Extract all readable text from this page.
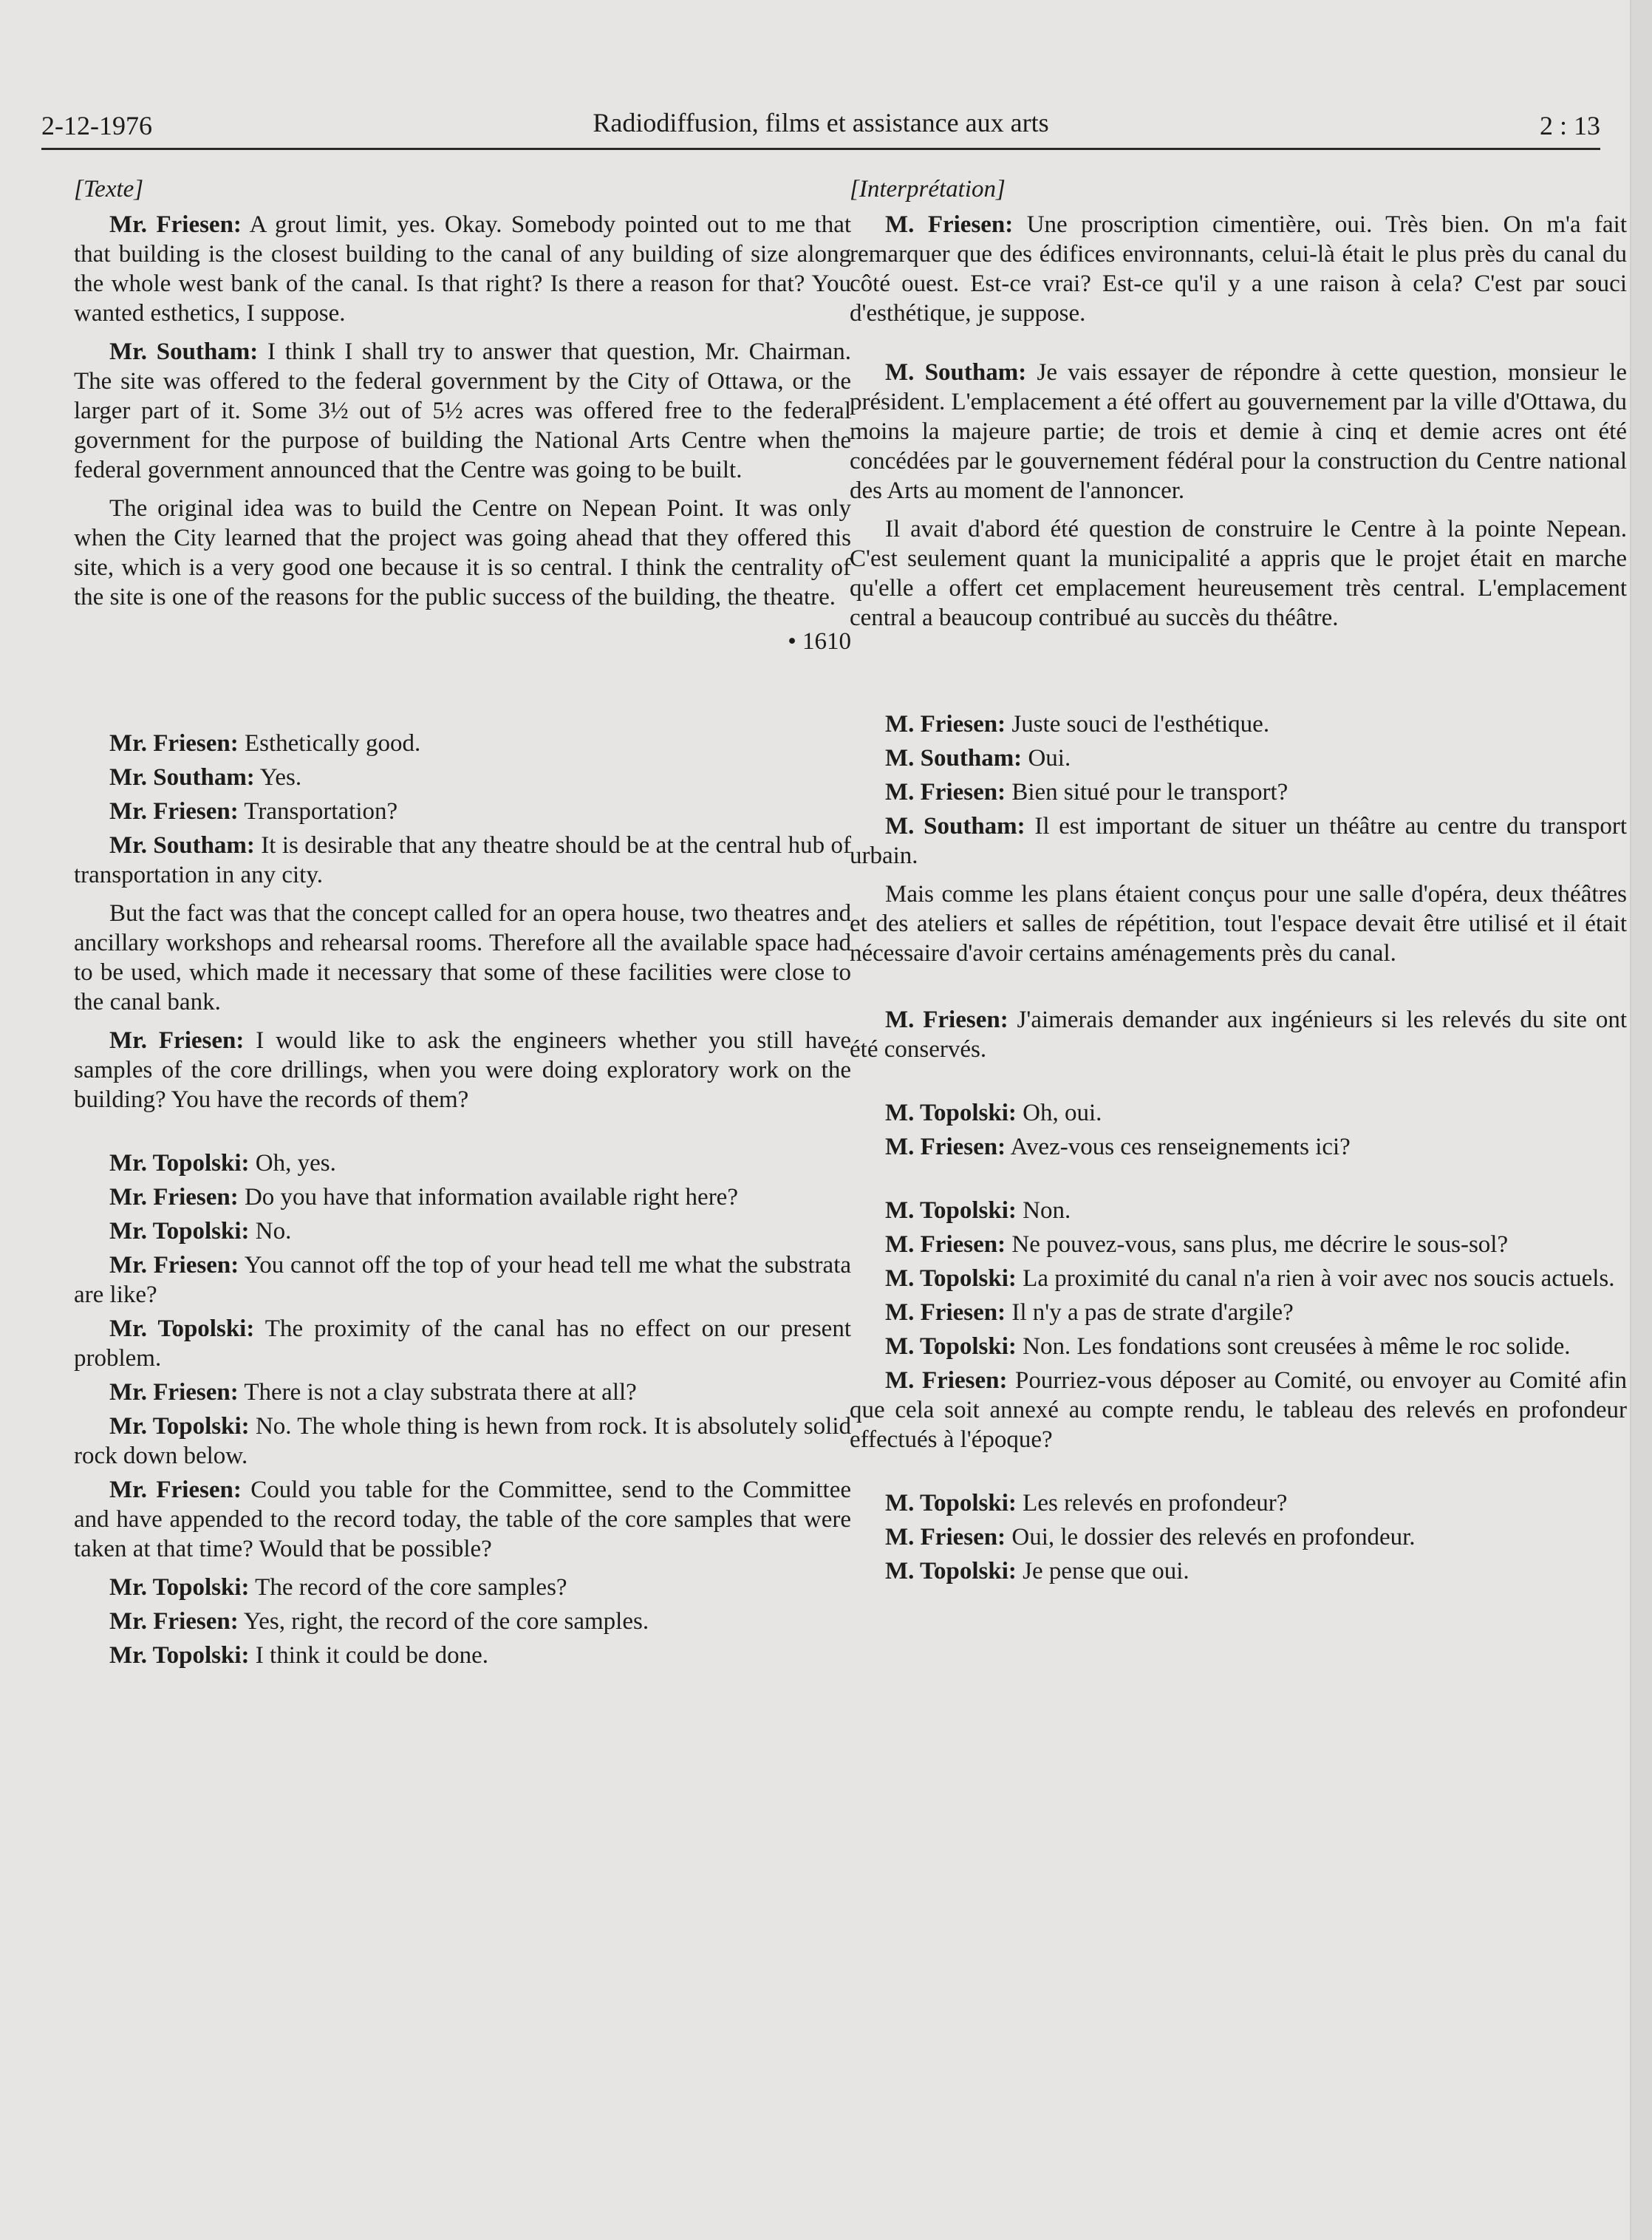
2-12-1976	Radiodiffusion, films et assistance aux arts	2 : 13

[Texte]

Mr. Friesen: A grout limit, yes. Okay. Somebody pointed out to me that that building is the closest building to the canal of any building of size along the whole west bank of the canal. Is that right? Is there a reason for that? You wanted esthetics, I suppose.

Mr. Southam: I think I shall try to answer that question, Mr. Chairman. The site was offered to the federal government by the City of Ottawa, or the larger part of it. Some 3½ out of 5½ acres was offered free to the federal government for the purpose of building the National Arts Centre when the federal government announced that the Centre was going to be built.

The original idea was to build the Centre on Nepean Point. It was only when the City learned that the project was going ahead that they offered this site, which is a very good one because it is so central. I think the centrality of the site is one of the reasons for the public success of the building, the theatre.

• 1610

Mr. Friesen: Esthetically good.

Mr. Southam: Yes.

Mr. Friesen: Transportation?

Mr. Southam: It is desirable that any theatre should be at the central hub of transportation in any city.

But the fact was that the concept called for an opera house, two theatres and ancillary workshops and rehearsal rooms. Therefore all the available space had to be used, which made it necessary that some of these facilities were close to the canal bank.

Mr. Friesen: I would like to ask the engineers whether you still have samples of the core drillings, when you were doing exploratory work on the building? You have the records of them?

Mr. Topolski: Oh, yes.

Mr. Friesen: Do you have that information available right here?

Mr. Topolski: No.

Mr. Friesen: You cannot off the top of your head tell me what the substrata are like?

Mr. Topolski: The proximity of the canal has no effect on our present problem.

Mr. Friesen: There is not a clay substrata there at all?

Mr. Topolski: No. The whole thing is hewn from rock. It is absolutely solid rock down below.

Mr. Friesen: Could you table for the Committee, send to the Committee and have appended to the record today, the table of the core samples that were taken at that time? Would that be possible?

Mr. Topolski: The record of the core samples?

Mr. Friesen: Yes, right, the record of the core samples.

Mr. Topolski: I think it could be done.

[Interprétation]

M. Friesen: Une proscription cimentière, oui. Très bien. On m'a fait remarquer que des édifices environnants, celui-là était le plus près du canal du côté ouest. Est-ce vrai? Est-ce qu'il y a une raison à cela? C'est par souci d'esthétique, je suppose.

M. Southam: Je vais essayer de répondre à cette question, monsieur le président. L'emplacement a été offert au gouvernement par la ville d'Ottawa, du moins la majeure partie; de trois et demie à cinq et demie acres ont été concédées par le gouvernement fédéral pour la construction du Centre national des Arts au moment de l'annoncer.

Il avait d'abord été question de construire le Centre à la pointe Nepean. C'est seulement quant la municipalité a appris que le projet était en marche qu'elle a offert cet emplacement heureusement très central. L'emplacement central a beaucoup contribué au succès du théâtre.

M. Friesen: Juste souci de l'esthétique.

M. Southam: Oui.

M. Friesen: Bien situé pour le transport?

M. Southam: Il est important de situer un théâtre au centre du transport urbain.

Mais comme les plans étaient conçus pour une salle d'opéra, deux théâtres et des ateliers et salles de répétition, tout l'espace devait être utilisé et il était nécessaire d'avoir certains aménagements près du canal.

M. Friesen: J'aimerais demander aux ingénieurs si les relevés du site ont été conservés.

M. Topolski: Oh, oui.

M. Friesen: Avez-vous ces renseignements ici?

M. Topolski: Non.

M. Friesen: Ne pouvez-vous, sans plus, me décrire le sous-sol?

M. Topolski: La proximité du canal n'a rien à voir avec nos soucis actuels.

M. Friesen: Il n'y a pas de strate d'argile?

M. Topolski: Non. Les fondations sont creusées à même le roc solide.

M. Friesen: Pourriez-vous déposer au Comité, ou envoyer au Comité afin que cela soit annexé au compte rendu, le tableau des relevés en profondeur effectués à l'époque?

M. Topolski: Les relevés en profondeur?

M. Friesen: Oui, le dossier des relevés en profondeur.

M. Topolski: Je pense que oui.
